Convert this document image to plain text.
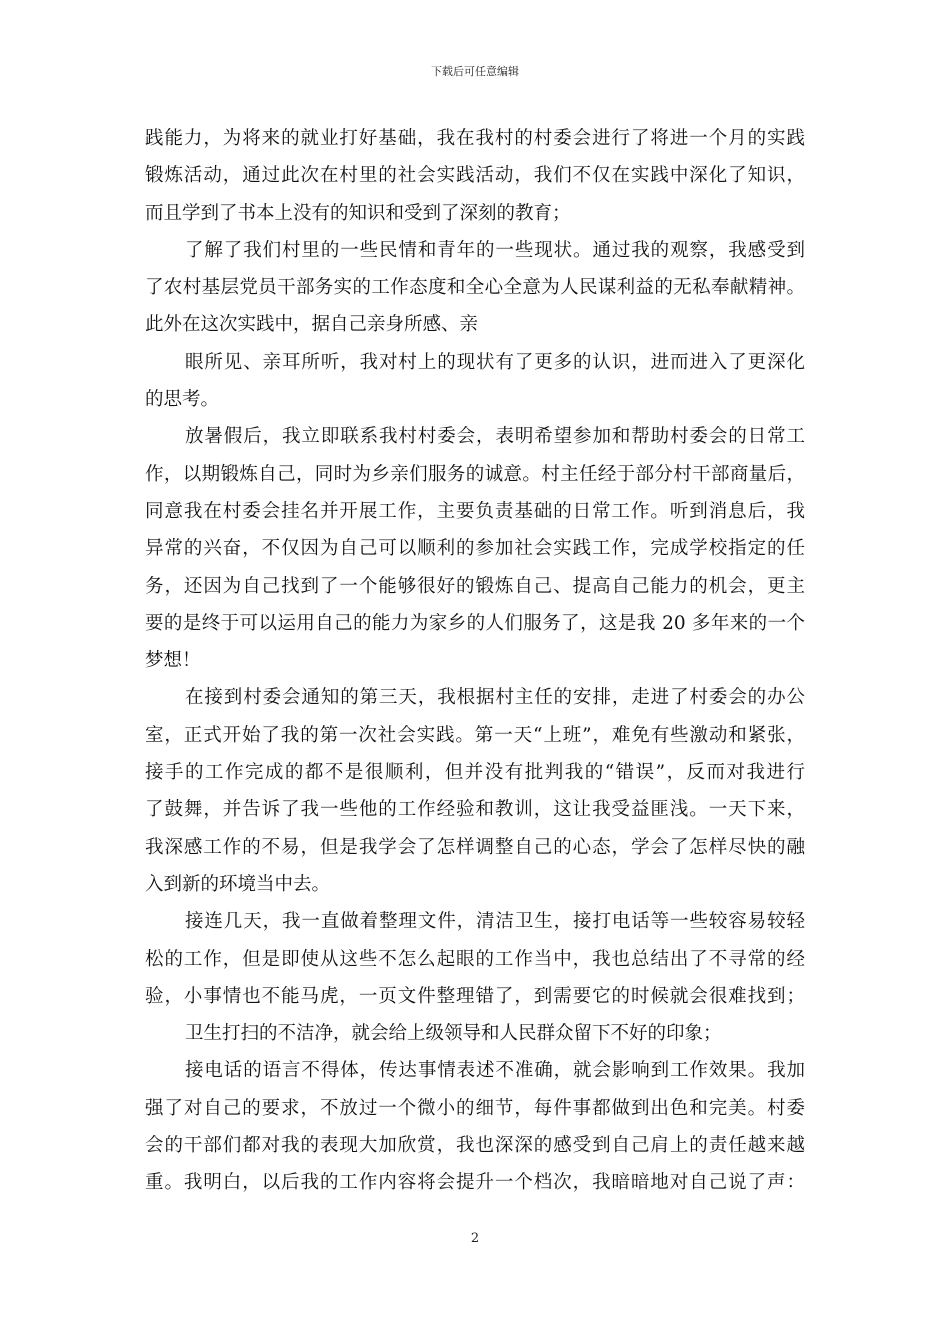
下载后可任意编辑
践能力，为将来的就业打好基础，我在我村的村委会进行了将进一个月的实践
锻炼活动，通过此次在村里的社会实践活动，我们不仅在实践中深化了知识，
而且学到了书本上没有的知识和受到了深刻的教育；
了解了我们村里的一些民情和青年的一些现状。通过我的观察，我感受到
了农村基层党员干部务实的工作态度和全心全意为人民谋利益的无私奉献精神。
此外在这次实践中，据自己亲身所感、亲
眼所见、亲耳所听，我对村上的现状有了更多的认识，进而进入了更深化
的思考。
放暑假后，我立即联系我村村委会，表明希望参加和帮助村委会的日常工
作，以期锻炼自己，同时为乡亲们服务的诚意。村主任经于部分村干部商量后，
同意我在村委会挂名并开展工作，主要负责基础的日常工作。听到消息后，我
异常的兴奋，不仅因为自己可以顺利的参加社会实践工作，完成学校指定的任
务，还因为自己找到了一个能够很好的锻炼自己、提高自己能力的机会，更主
要的是终于可以运用自己的能力为家乡的人们服务了，这是我 20 多年来的一个
梦想！
在接到村委会通知的第三天，我根据村主任的安排，走进了村委会的办公
室，正式开始了我的第一次社会实践。第一天“上班”，难免有些激动和紧张，
接手的工作完成的都不是很顺利，但并没有批判我的“错误”，反而对我进行
了鼓舞，并告诉了我一些他的工作经验和教训，这让我受益匪浅。一天下来，
我深感工作的不易，但是我学会了怎样调整自己的心态，学会了怎样尽快的融
入到新的环境当中去。
接连几天，我一直做着整理文件，清洁卫生，接打电话等一些较容易较轻
松的工作，但是即使从这些不怎么起眼的工作当中，我也总结出了不寻常的经
验，小事情也不能马虎，一页文件整理错了，到需要它的时候就会很难找到；
卫生打扫的不洁净，就会给上级领导和人民群众留下不好的印象；
接电话的语言不得体，传达事情表述不准确，就会影响到工作效果。我加
强了对自己的要求，不放过一个微小的细节，每件事都做到出色和完美。村委
会的干部们都对我的表现大加欣赏，我也深深的感受到自己肩上的责任越来越
重。我明白，以后我的工作内容将会提升一个档次，我暗暗地对自己说了声：
2
